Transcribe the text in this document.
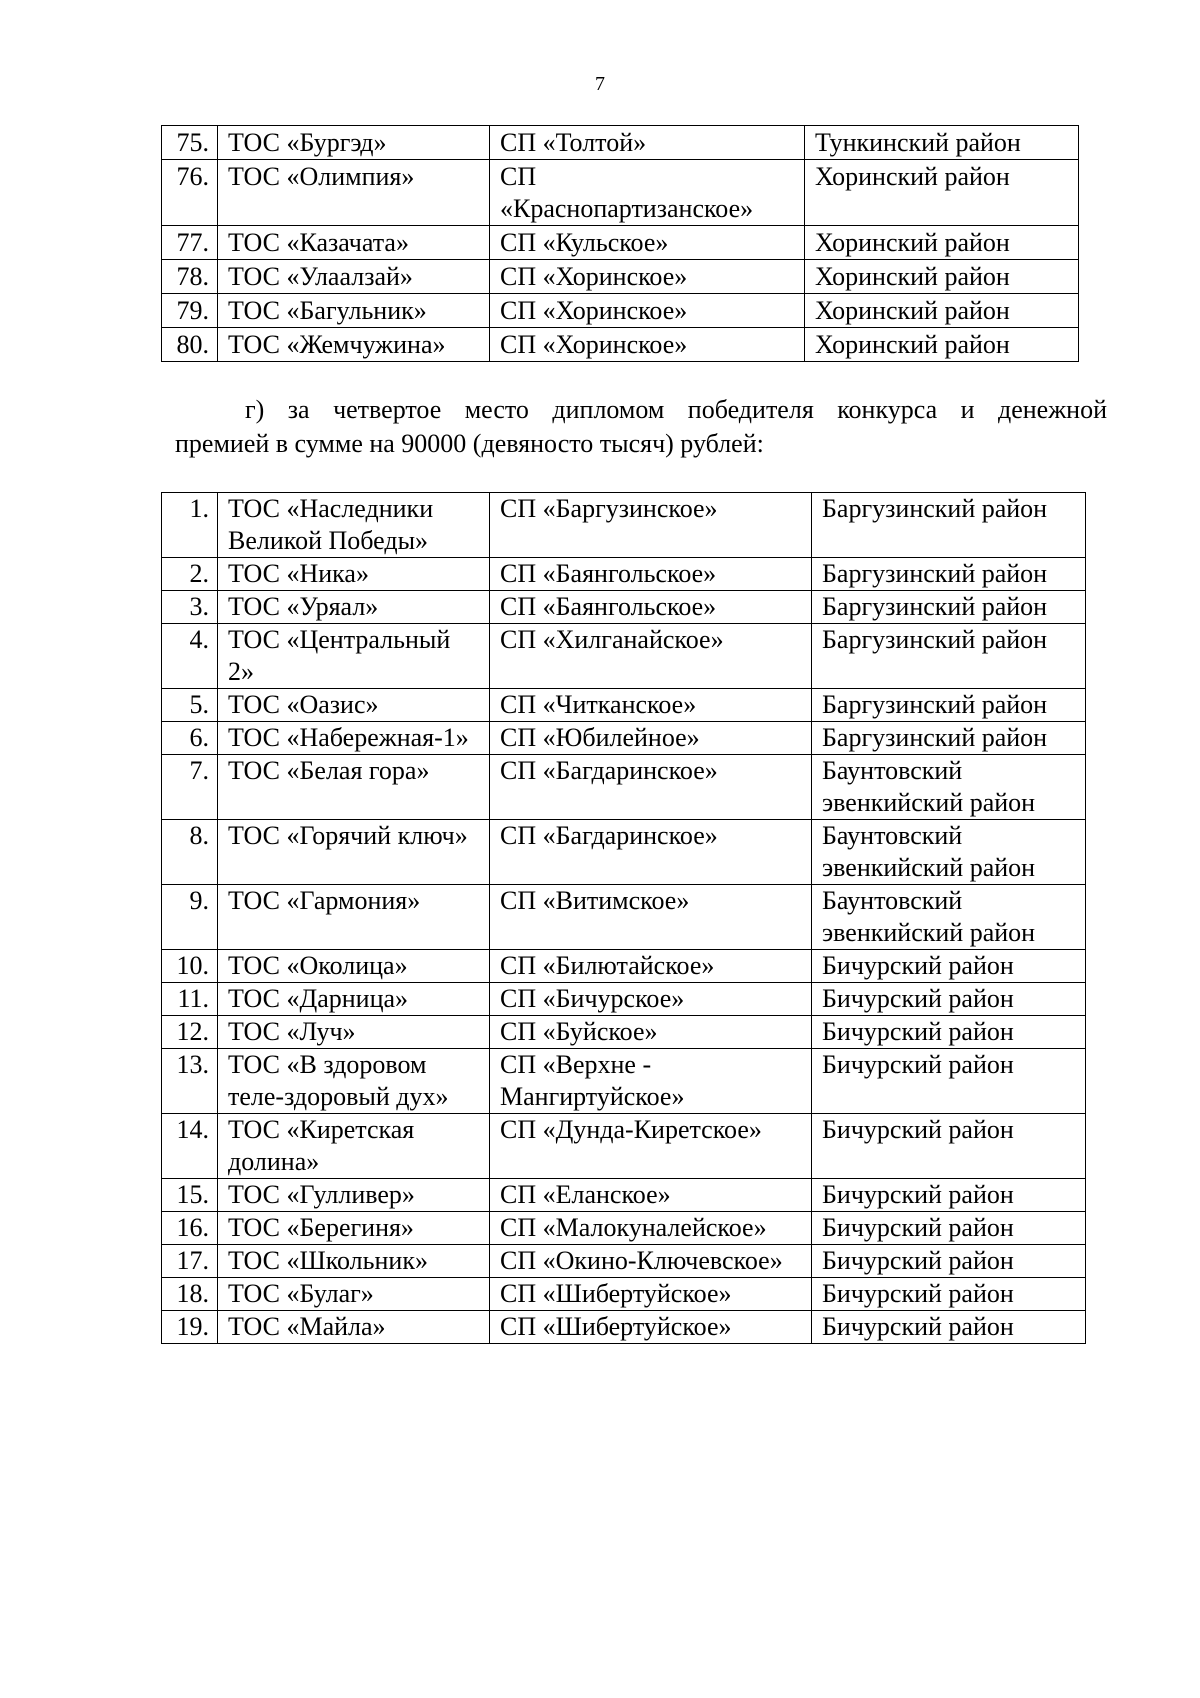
7
75.	ТОС «Бургэд»	СП «Толтой»	Тункинский район
76.	ТОС «Олимпия»	СП «Краснопартизанское»	Хоринский район
77.	ТОС «Казачата»	СП «Кульское»	Хоринский район
78.	ТОС «Улаалзай»	СП «Хоринское»	Хоринский район
79.	ТОС «Багульник»	СП «Хоринское»	Хоринский район
80.	ТОС «Жемчужина»	СП «Хоринское»	Хоринский район
г) за четвертое место дипломом победителя конкурса и денежной
премией в сумме на 90000 (девяносто тысяч) рублей:
1.	ТОС «Наследники Великой Победы»	СП «Баргузинское»	Баргузинский район
2.	ТОС «Ника»	СП «Баянгольское»	Баргузинский район
3.	ТОС «Уряал»	СП «Баянгольское»	Баргузинский район
4.	ТОС «Центральный 2»	СП «Хилганайское»	Баргузинский район
5.	ТОС «Оазис»	СП «Читканское»	Баргузинский район
6.	ТОС «Набережная-1»	СП «Юбилейное»	Баргузинский район
7.	ТОС «Белая гора»	СП «Багдаринское»	Баунтовский эвенкийский район
8.	ТОС «Горячий ключ»	СП «Багдаринское»	Баунтовский эвенкийский район
9.	ТОС «Гармония»	СП «Витимское»	Баунтовский эвенкийский район
10.	ТОС «Околица»	СП «Билютайское»	Бичурский район
11.	ТОС «Дарница»	СП «Бичурское»	Бичурский район
12.	ТОС «Луч»	СП «Буйское»	Бичурский район
13.	ТОС «В здоровом теле-здоровый дух»	СП «Верхне - Мангиртуйское»	Бичурский район
14.	ТОС «Киретская долина»	СП «Дунда-Киретское»	Бичурский район
15.	ТОС «Гулливер»	СП «Еланское»	Бичурский район
16.	ТОС «Берегиня»	СП «Малокуналейское»	Бичурский район
17.	ТОС «Школьник»	СП «Окино-Ключевское»	Бичурский район
18.	ТОС «Булаг»	СП «Шибертуйское»	Бичурский район
19.	ТОС «Майла»	СП «Шибертуйское»	Бичурский район
